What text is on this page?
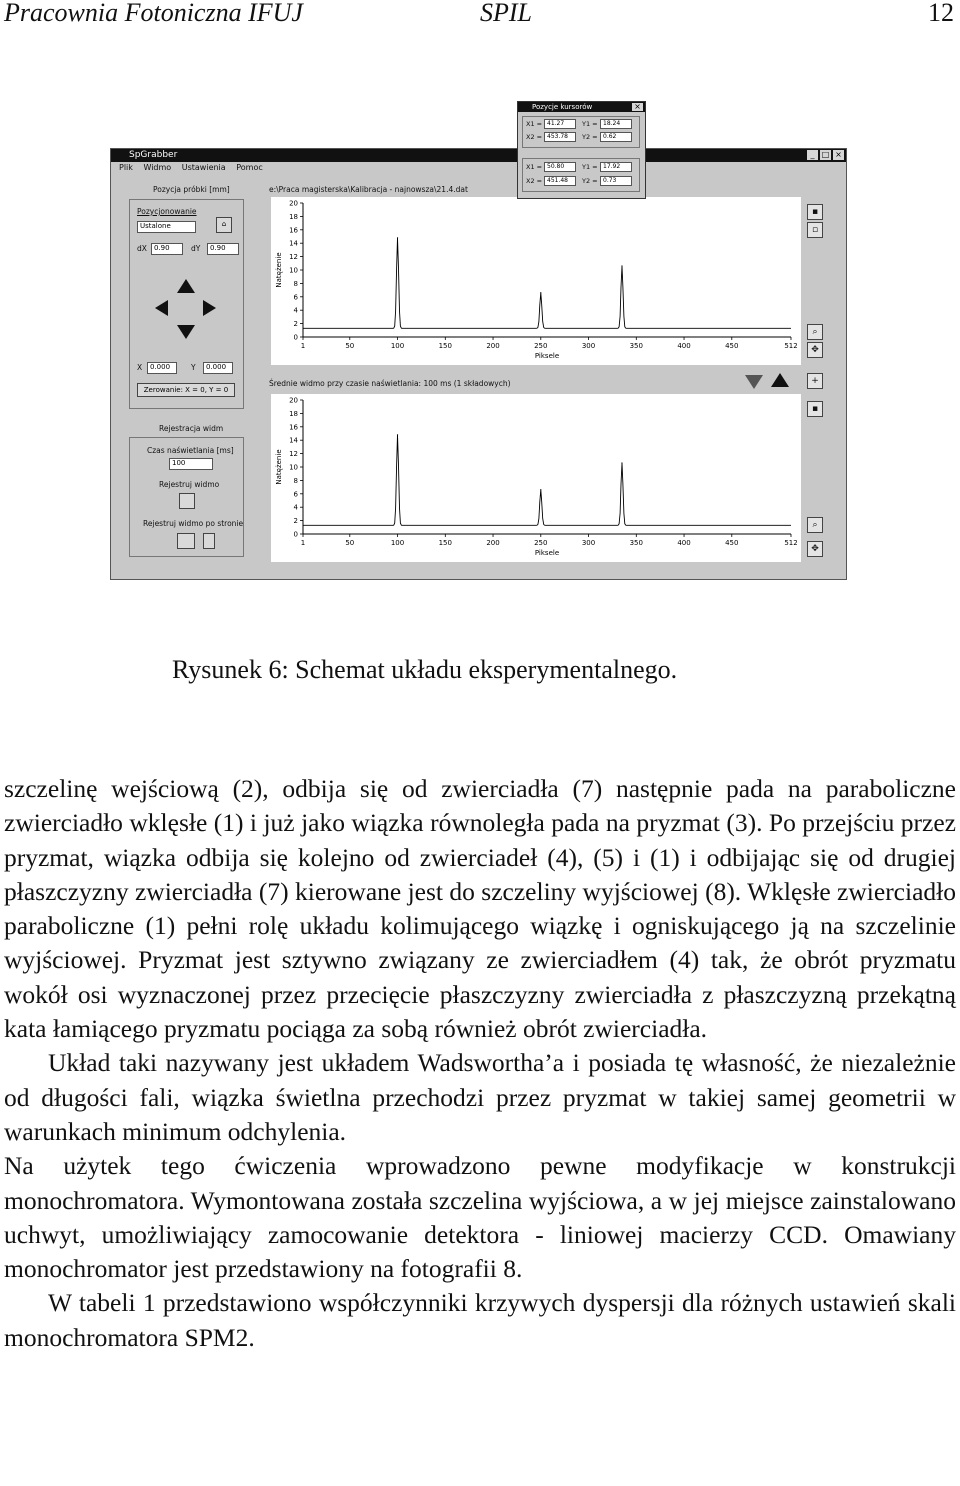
Pracownia Fotoniczna IFUJ	SPIL	12
SpGrabber	_ □ ×
Plik Widmo Ustawienia Pomoc
Pozycja próbki [mm]
Pozycjonowanie
Ustalone	⌂
dX	0.90	dY	0.90
X	0.000	Y	0.000
Zerowanie: X = 0, Y = 0
Rejestracja widm
Czas naświetlania [ms]
100
Rejestruj widmo
Rejestruj widmo po stronie
e:\Praca magisterska\Kalibracja - najnowsza\21.4.dat
0
2
4
6
8
10
12
14
16
18
20
1	50	100	150	200	250	300	350	400	450	512
Piksele
Natężenie
▪
▫
⌕
✥
Średnie widmo przy czasie naświetlania: 100 ms (1 składowych)	+
▪
0
2
4
6
8
10
12
14
16
18
20
1	50	100	150	200	250	300	350	400	450	512
Piksele
Natężenie
⌕
✥
Pozycje kursorów	×
X1 = 41.27	Y1 = 18.24
X2 = 453.78	Y2 = 0.62
X1 = 50.80	Y1 = 17.92
X2 = 451.48	Y2 = 0.73
Rysunek 6: Schemat układu eksperymentalnego.

szczelinę wejściową (2), odbija się od zwierciadła (7) następnie pada na paraboliczne zwierciadło wklęsłe (1) i już jako wiązka równoległa pada na pryzmat (3). Po przejściu przez pryzmat, wiązka odbija się kolejno od zwierciadeł (4), (5) i (1) i odbijając się od drugiej płaszczyzny zwierciadła (7) kierowane jest do szczeliny wyjściowej (8). Wklęsłe zwierciadło paraboliczne (1) pełni rolę układu kolimującego wiązkę i ogniskującego ją na szczelinie wyjściowej. Pryzmat jest sztywno związany ze zwierciadłem (4) tak, że obrót pryzmatu wokół osi wyznaczonej przez przecięcie płaszczyzny zwierciadła z płaszczyzną przekątną kata łamiącego pryzmatu pociąga za sobą również obrót zwierciadła.

Układ taki nazywany jest układem Wadswortha’a i posiada tę własność, że niezależnie od długości fali, wiązka świetlna przechodzi przez pryzmat w takiej samej geometrii w warunkach minimum odchylenia.

Na użytek tego ćwiczenia wprowadzono pewne modyfikacje w konstrukcji monochromatora. Wymontowana została szczelina wyjściowa, a w jej miejsce zainstalowano uchwyt, umożliwiający zamocowanie detektora - liniowej macierzy CCD. Omawiany monochromator jest przedstawiony na fotografii 8.

W tabeli 1 przedstawiono współczynniki krzywych dyspersji dla różnych ustawień skali monochromatora SPM2.
